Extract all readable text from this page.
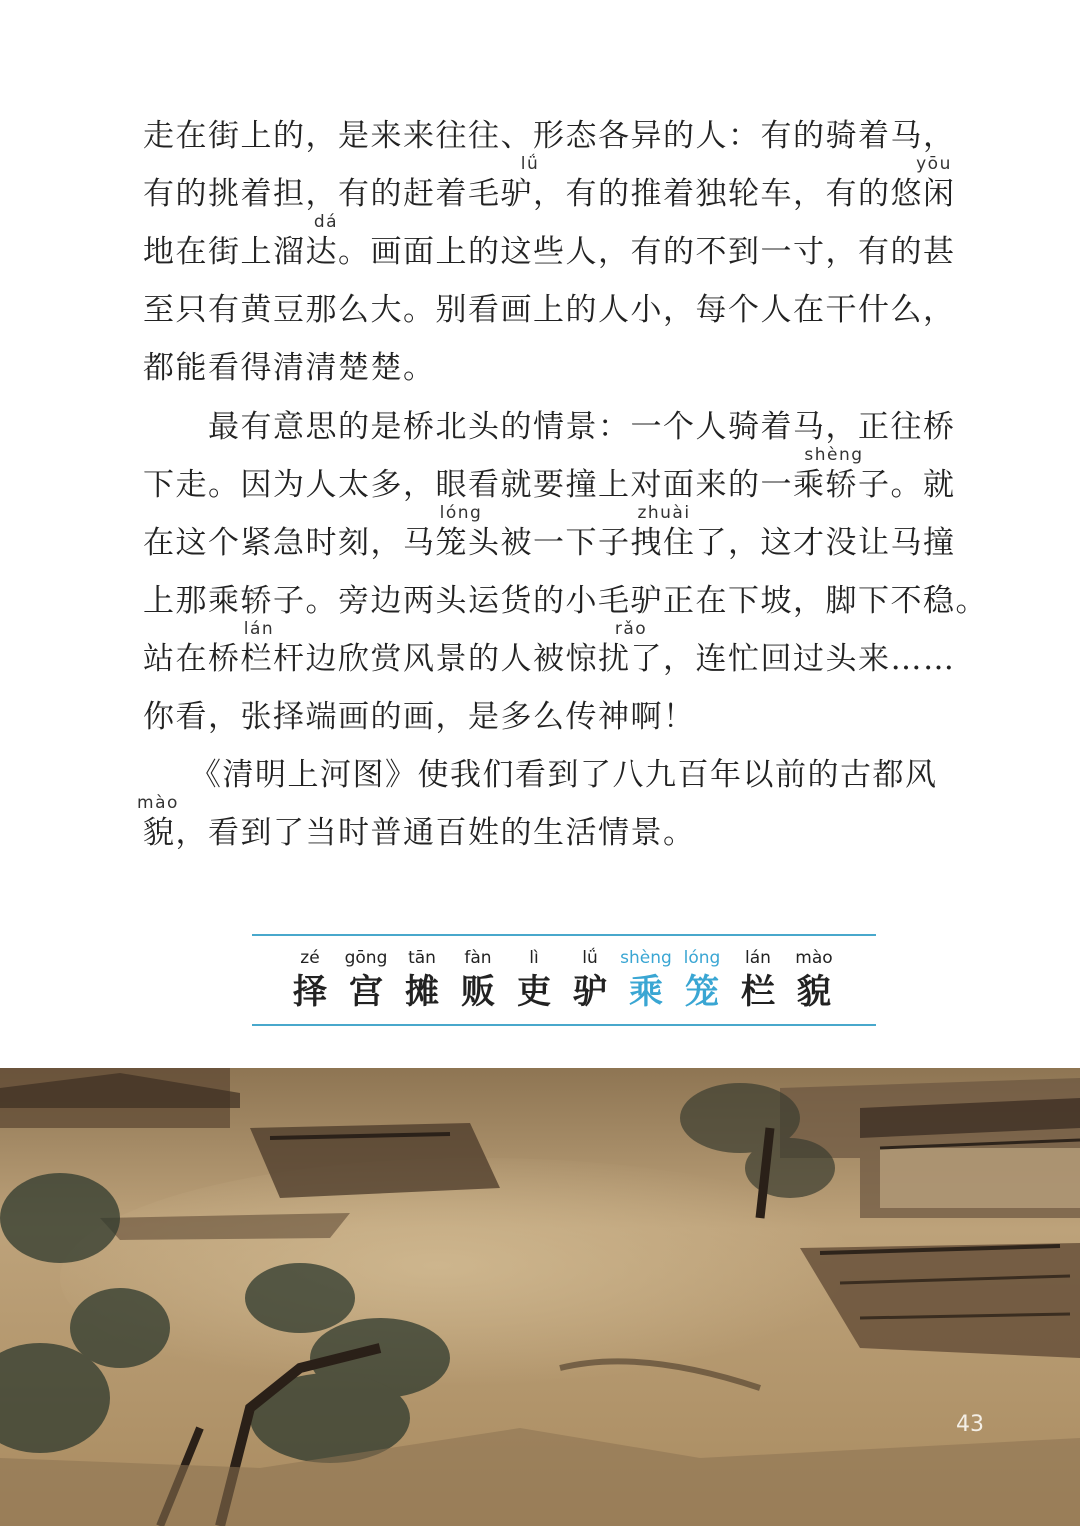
走在街上的，是来来往往、形态各异的人：有的骑着马，
lǘ	yōu
有的挑着担，有的赶着毛驴，有的推着独轮车，有的悠闲
dá
地在街上溜达。画面上的这些人，有的不到一寸，有的甚
至只有黄豆那么大。别看画上的人小，每个人在干什么，
都能看得清清楚楚。
最有意思的是桥北头的情景：一个人骑着马，正往桥
shèng
下走。因为人太多，眼看就要撞上对面来的一乘轿子。就
lóng	zhuài
在这个紧急时刻，马笼头被一下子拽住了，这才没让马撞
上那乘轿子。旁边两头运货的小毛驴正在下坡，脚下不稳。
lán	rǎo
站在桥栏杆边欣赏风景的人被惊扰了，连忙回过头来……
你看，张择端画的画，是多么传神啊！
《清明上河图》使我们看到了八九百年以前的古都风
mào
貌，看到了当时普通百姓的生活情景。
zé
择
gōng
宫
tān
摊
fàn
贩
lì
吏
lǘ
驴
shèng
乘
lóng
笼
lán
栏
mào
貌
43
